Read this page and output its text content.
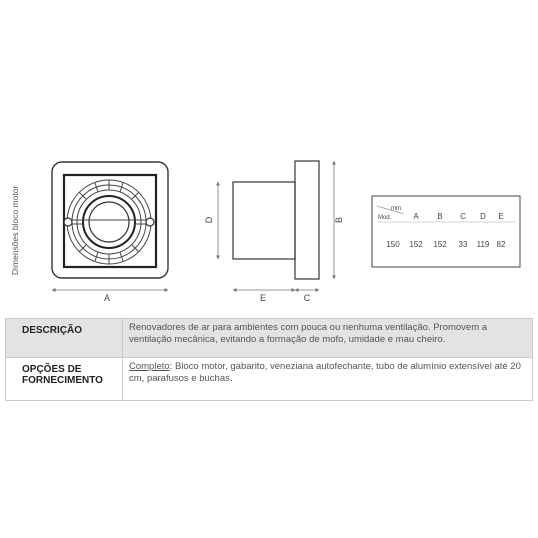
A
D	B
E	C
mm
Mod.	A B C D E
150 152 152 33 119 82
Dimensões bloco motor
DESCRIÇÃO	Renovadores de ar para ambientes com pouca ou nenhuma ventilação. Promovem a ventilação mecânica, evitando a formação de mofo, umidade e mau cheiro.
OPÇÕES DE
FORNECIMENTO	Completo: Bloco motor, gabarito, veneziana autofechante, tubo de alumínio extensível até 20 cm, parafusos e buchas.
